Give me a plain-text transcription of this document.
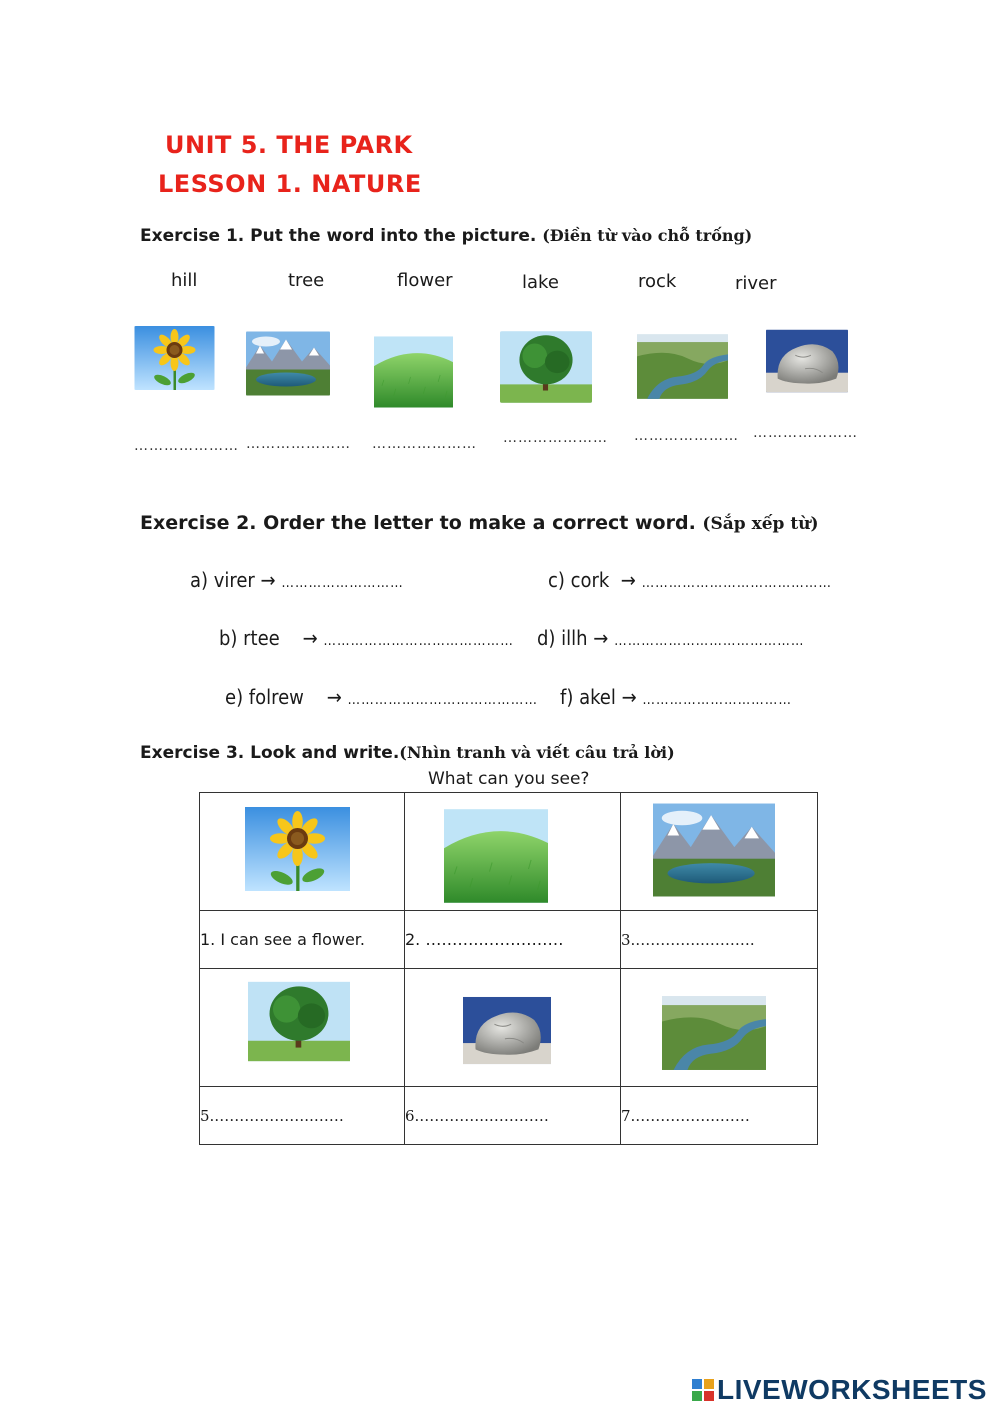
UNIT 5. THE PARK
LESSON 1. NATURE
Exercise 1. Put the word into the picture. (Điền từ vào chỗ trống)
hill	tree	flower	lake	rock	river
………………… ………………… ………………… ………………… ………………… …………………
Exercise 2. Order the letter to make a correct word. (Sắp xếp từ)
a) virer → ………………………	c) cork → ……………………………………
b) rtee → …………………………………… d) illh → ……………………………………
e) folrew → …………………………………… f) akel → ……………………………
Exercise 3. Look and write.(Nhìn tranh và viết câu trả lời)
What can you see?

1. I can see a flower.	2. ………..……………	3.…………..……….

5.………………..……	6.…………..…………	7.……………..……
LIVEWORKSHEETS
